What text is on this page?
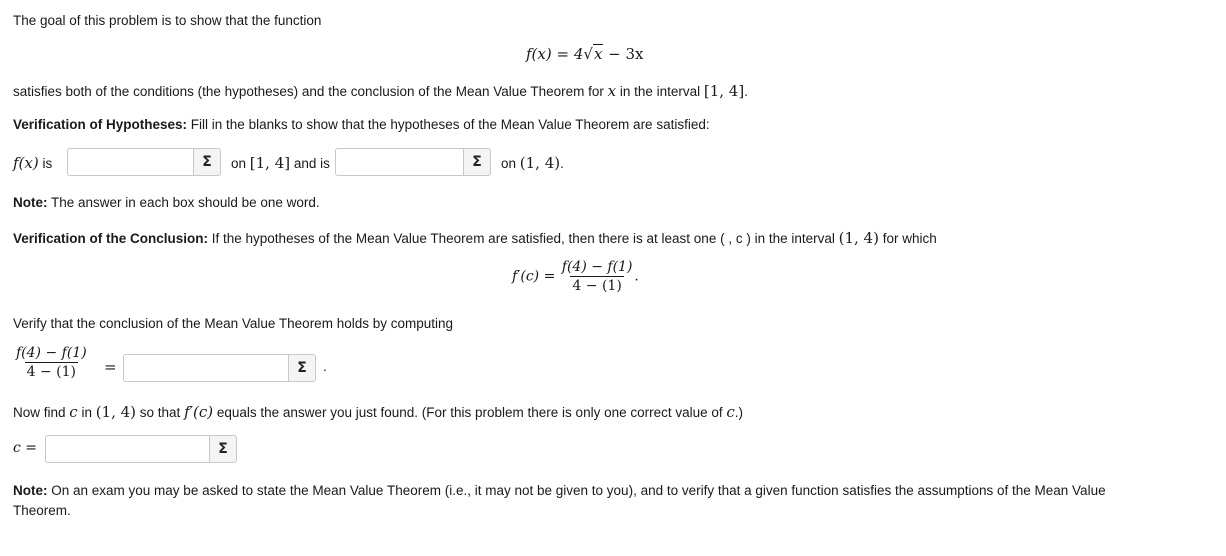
The goal of this problem is to show that the function
f(x) = 4√x − 3x
satisfies both of the conditions (the hypotheses) and the conclusion of the Mean Value Theorem for x in the interval [1, 4].
Verification of Hypotheses: Fill in the blanks to show that the hypotheses of the Mean Value Theorem are satisfied:
f(x) is	Σ	on [1, 4] and is	Σ	on (1, 4).
Note: The answer in each box should be one word.
Verification of the Conclusion: If the hypotheses of the Mean Value Theorem are satisfied, then there is at least one ( , c ) in the interval (1, 4) for which
$f'(c) = \frac{f(4) - f(1)}{4 - (1)}$ .
Verify that the conclusion of the Mean Value Theorem holds by computing
$\frac{f(4) - f(1)}{4 - (1)}$ =	Σ	.
Now find c in (1, 4) so that f′(c) equals the answer you just found. (For this problem there is only one correct value of c.)
c =	Σ
Note: On an exam you may be asked to state the Mean Value Theorem (i.e., it may not be given to you), and to verify that a given function satisfies the assumptions of the Mean Value
Theorem.
